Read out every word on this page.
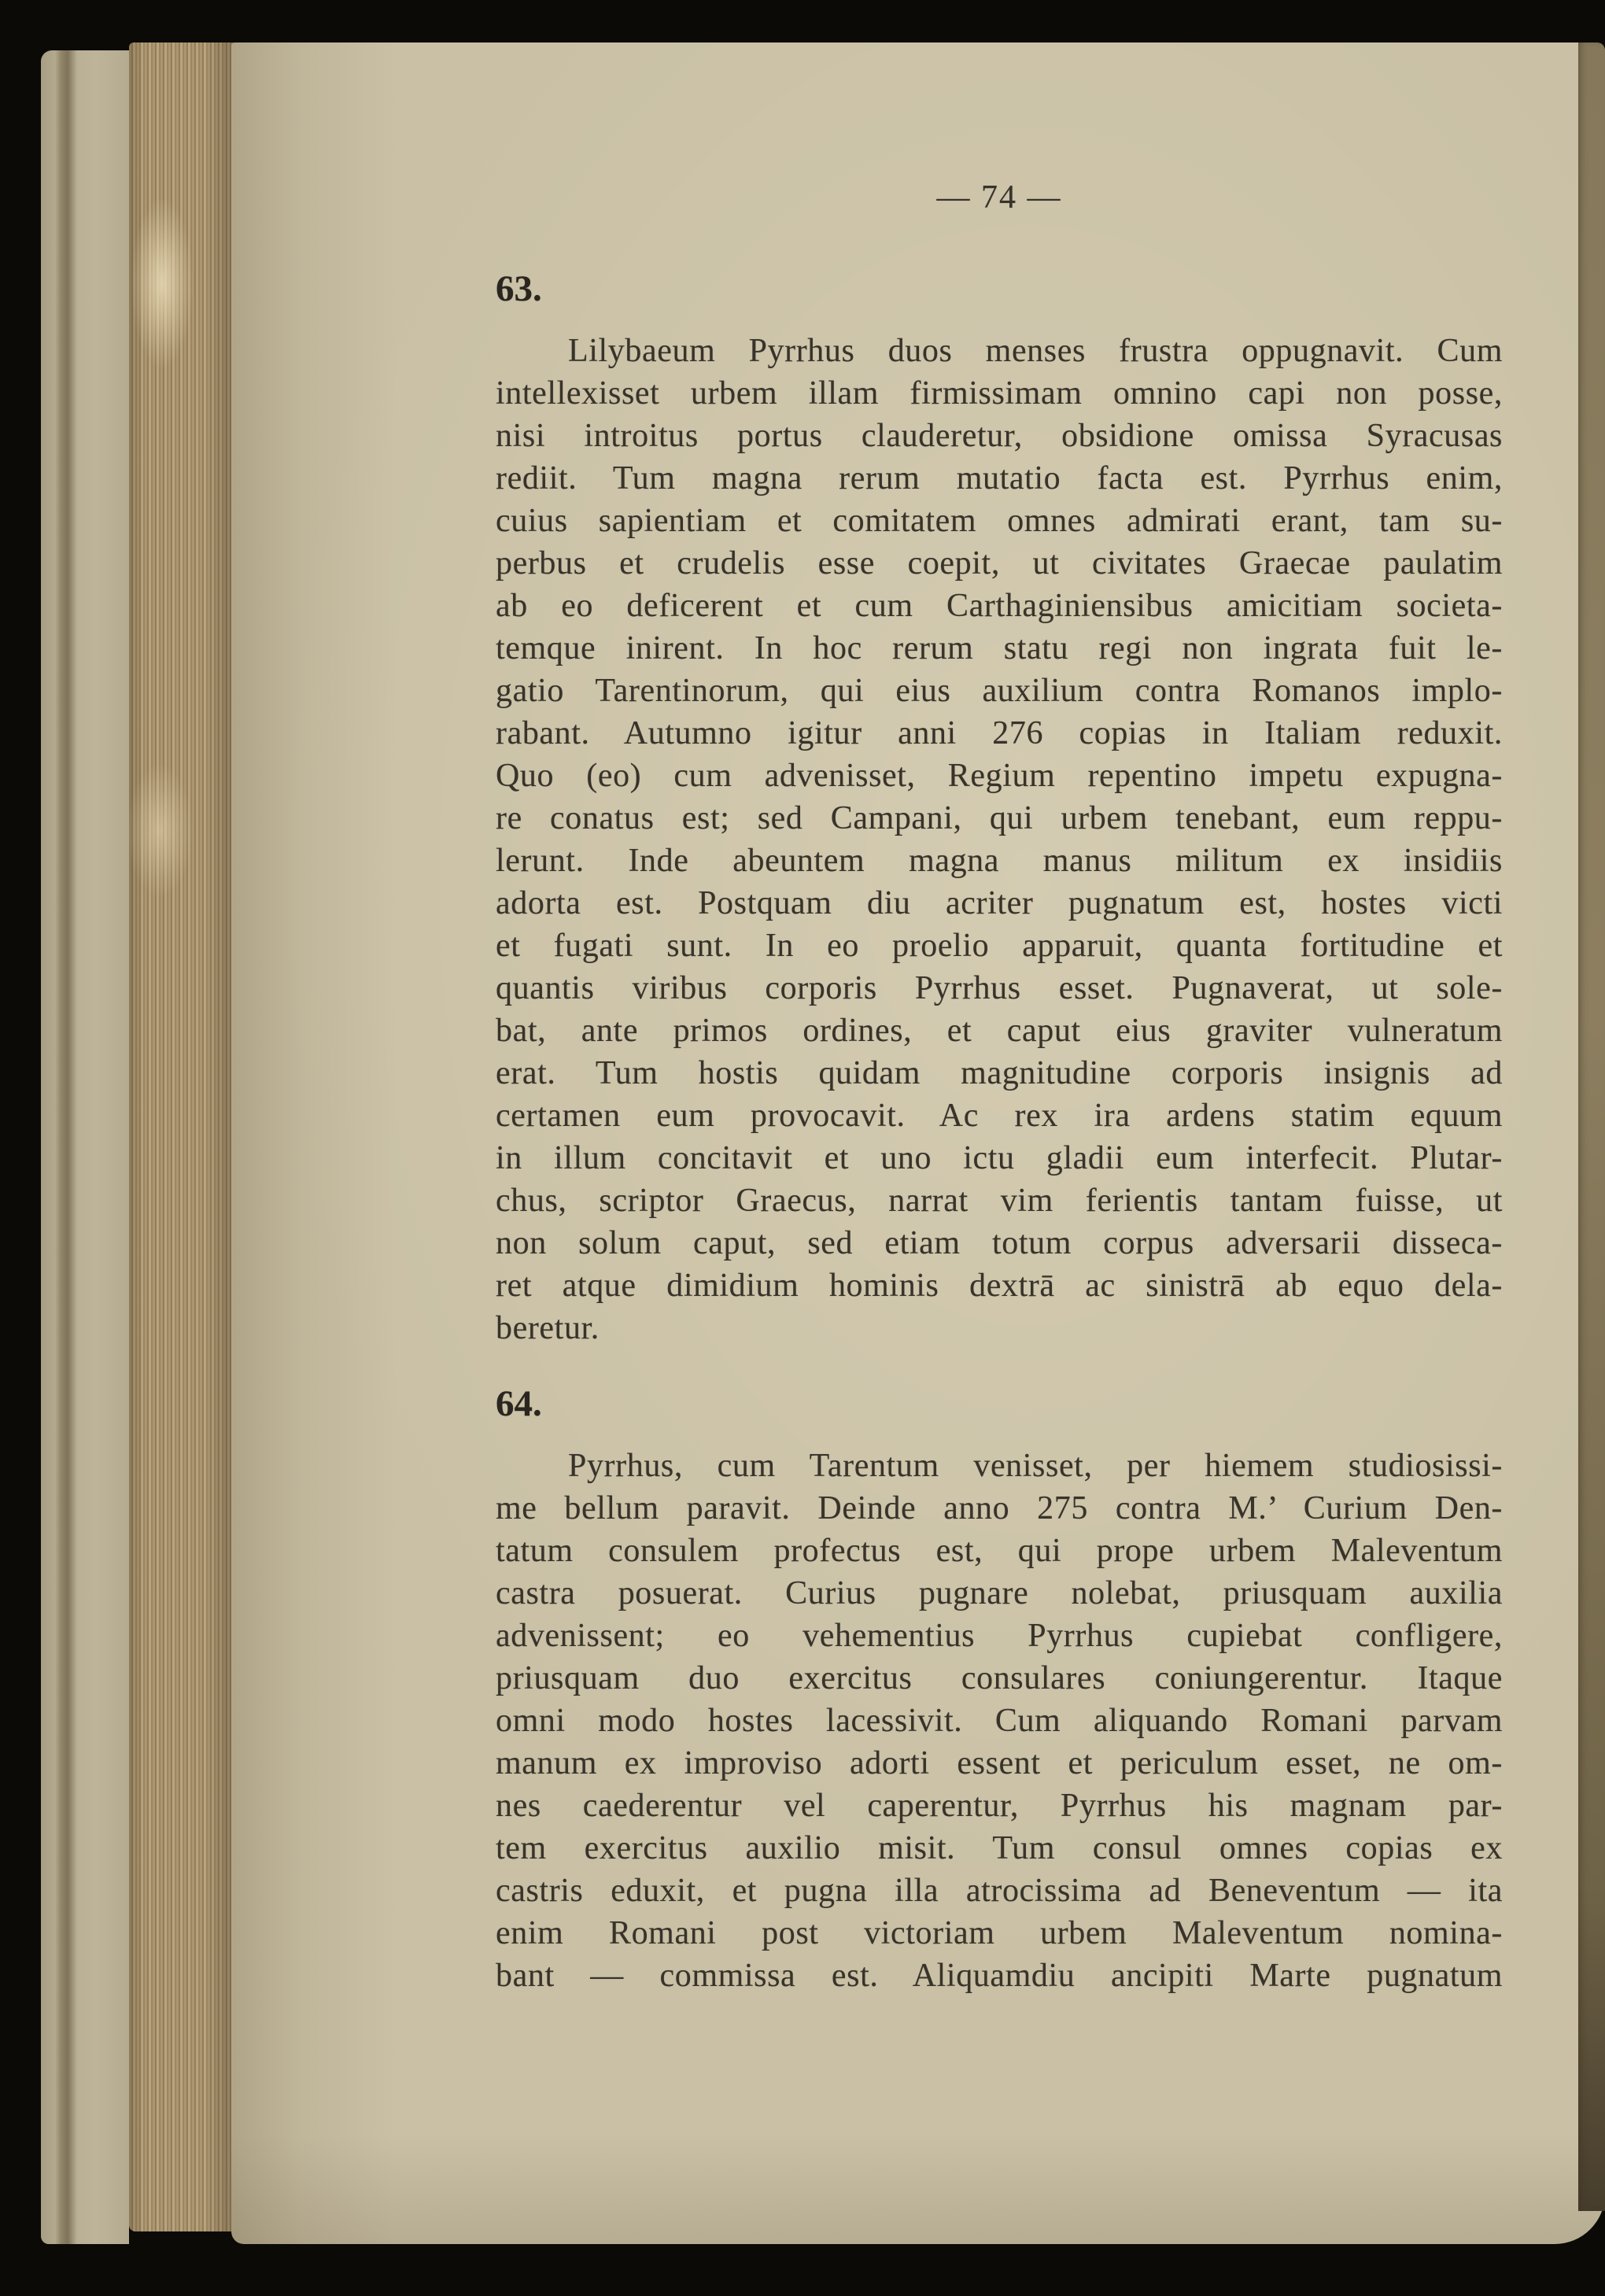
— 74 —
63.
Lilybaeum Pyrrhus duos menses frustra oppugnavit. Cum
intellexisset urbem illam firmissimam omnino capi non posse,
nisi introitus portus clauderetur, obsidione omissa Syracusas
rediit. Tum magna rerum mutatio facta est. Pyrrhus enim,
cuius sapientiam et comitatem omnes admirati erant, tam su-
perbus et crudelis esse coepit, ut civitates Graecae paulatim
ab eo deficerent et cum Carthaginiensibus amicitiam societa-
temque inirent. In hoc rerum statu regi non ingrata fuit le-
gatio Tarentinorum, qui eius auxilium contra Romanos implo-
rabant. Autumno igitur anni 276 copias in Italiam reduxit.
Quo (eo) cum advenisset, Regium repentino impetu expugna-
re conatus est; sed Campani, qui urbem tenebant, eum reppu-
lerunt. Inde abeuntem magna manus militum ex insidiis
adorta est. Postquam diu acriter pugnatum est, hostes victi
et fugati sunt. In eo proelio apparuit, quanta fortitudine et
quantis viribus corporis Pyrrhus esset. Pugnaverat, ut sole-
bat, ante primos ordines, et caput eius graviter vulneratum
erat. Tum hostis quidam magnitudine corporis insignis ad
certamen eum provocavit. Ac rex ira ardens statim equum
in illum concitavit et uno ictu gladii eum interfecit. Plutar-
chus, scriptor Graecus, narrat vim ferientis tantam fuisse, ut
non solum caput, sed etiam totum corpus adversarii disseca-
ret atque dimidium hominis dextrā ac sinistrā ab equo dela-
beretur.
64.
Pyrrhus, cum Tarentum venisset, per hiemem studiosissi-
me bellum paravit. Deinde anno 275 contra M.’ Curium Den-
tatum consulem profectus est, qui prope urbem Maleventum
castra posuerat. Curius pugnare nolebat, priusquam auxilia
advenissent; eo vehementius Pyrrhus cupiebat confligere,
priusquam duo exercitus consulares coniungerentur. Itaque
omni modo hostes lacessivit. Cum aliquando Romani parvam
manum ex improviso adorti essent et periculum esset, ne om-
nes caederentur vel caperentur, Pyrrhus his magnam par-
tem exercitus auxilio misit. Tum consul omnes copias ex
castris eduxit, et pugna illa atrocissima ad Beneventum — ita
enim Romani post victoriam urbem Maleventum nomina-
bant — commissa est. Aliquamdiu ancipiti Marte pugnatum
